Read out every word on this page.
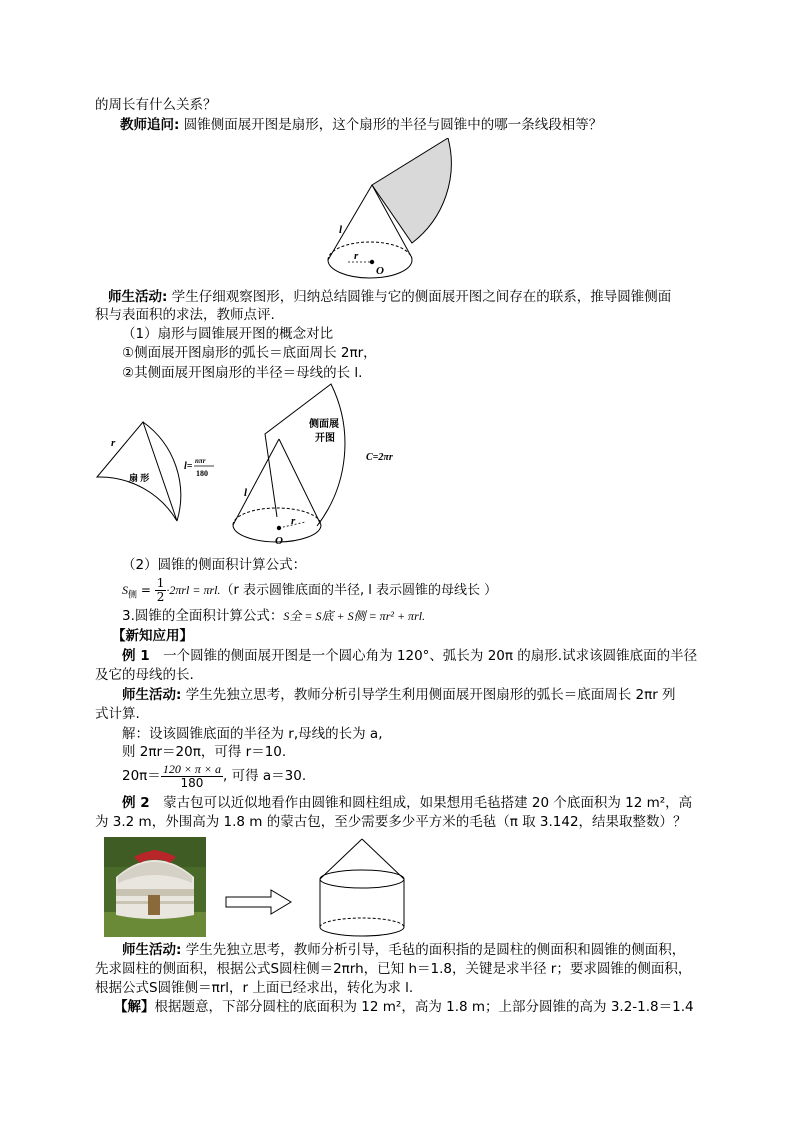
的周长有什么关系？
教师追问: 圆锥侧面展开图是扇形，这个扇形的半径与圆锥中的哪一条线段相等？
l
r
O
师生活动: 学生仔细观察图形，归纳总结圆锥与它的侧面展开图之间存在的联系，推导圆锥侧面
积与表面积的求法，教师点评.
（1）扇形与圆锥展开图的概念对比
①侧面展开图扇形的弧长＝底面周长 2πr，
②其侧面展开图扇形的半径＝母线的长 l.
r
扇 形
l= nπr
180
侧面展
开图
l
r
O
C=2πr
（2）圆锥的侧面积计算公式：
$S_侧 = \frac{1}{2} \cdot 2\pi rl = \pi rl.(r$ 表示圆锥底面的半径, l 表示圆锥的母线长 ）
3.圆锥的全面积计算公式：S全 = S底 + S侧 = πr² + πrl.
【新知应用】
例 1　一个圆锥的侧面展开图是一个圆心角为 120°、弧长为 20π 的扇形.试求该圆锥底面的半径
及它的母线的长.
师生活动: 学生先独立思考，教师分析引导学生利用侧面展开图扇形的弧长＝底面周长 2πr 列
式计算.
解：设该圆锥底面的半径为 r,母线的长为 a,
则 2πr＝20π，可得 r＝10.
$20\pi= \frac{120 \times \pi \times a}{180}$ , 可得 a＝30.
例 2　蒙古包可以近似地看作由圆锥和圆柱组成，如果想用毛毡搭建 20 个底面积为 12 m²，高
为 3.2 m，外围高为 1.8 m 的蒙古包，至少需要多少平方米的毛毡（π 取 3.142，结果取整数）？
师生活动: 学生先独立思考，教师分析引导，毛毡的面积指的是圆柱的侧面积和圆锥的侧面积，
先求圆柱的侧面积，根据公式S圆柱侧＝2πrh，已知 h＝1.8，关键是求半径 r；要求圆锥的侧面积，
根据公式S圆锥侧＝πrl，r 上面已经求出，转化为求 l.
【解】根据题意，下部分圆柱的底面积为 12 m²，高为 1.8 m；上部分圆锥的高为 3.2-1.8＝1.4
